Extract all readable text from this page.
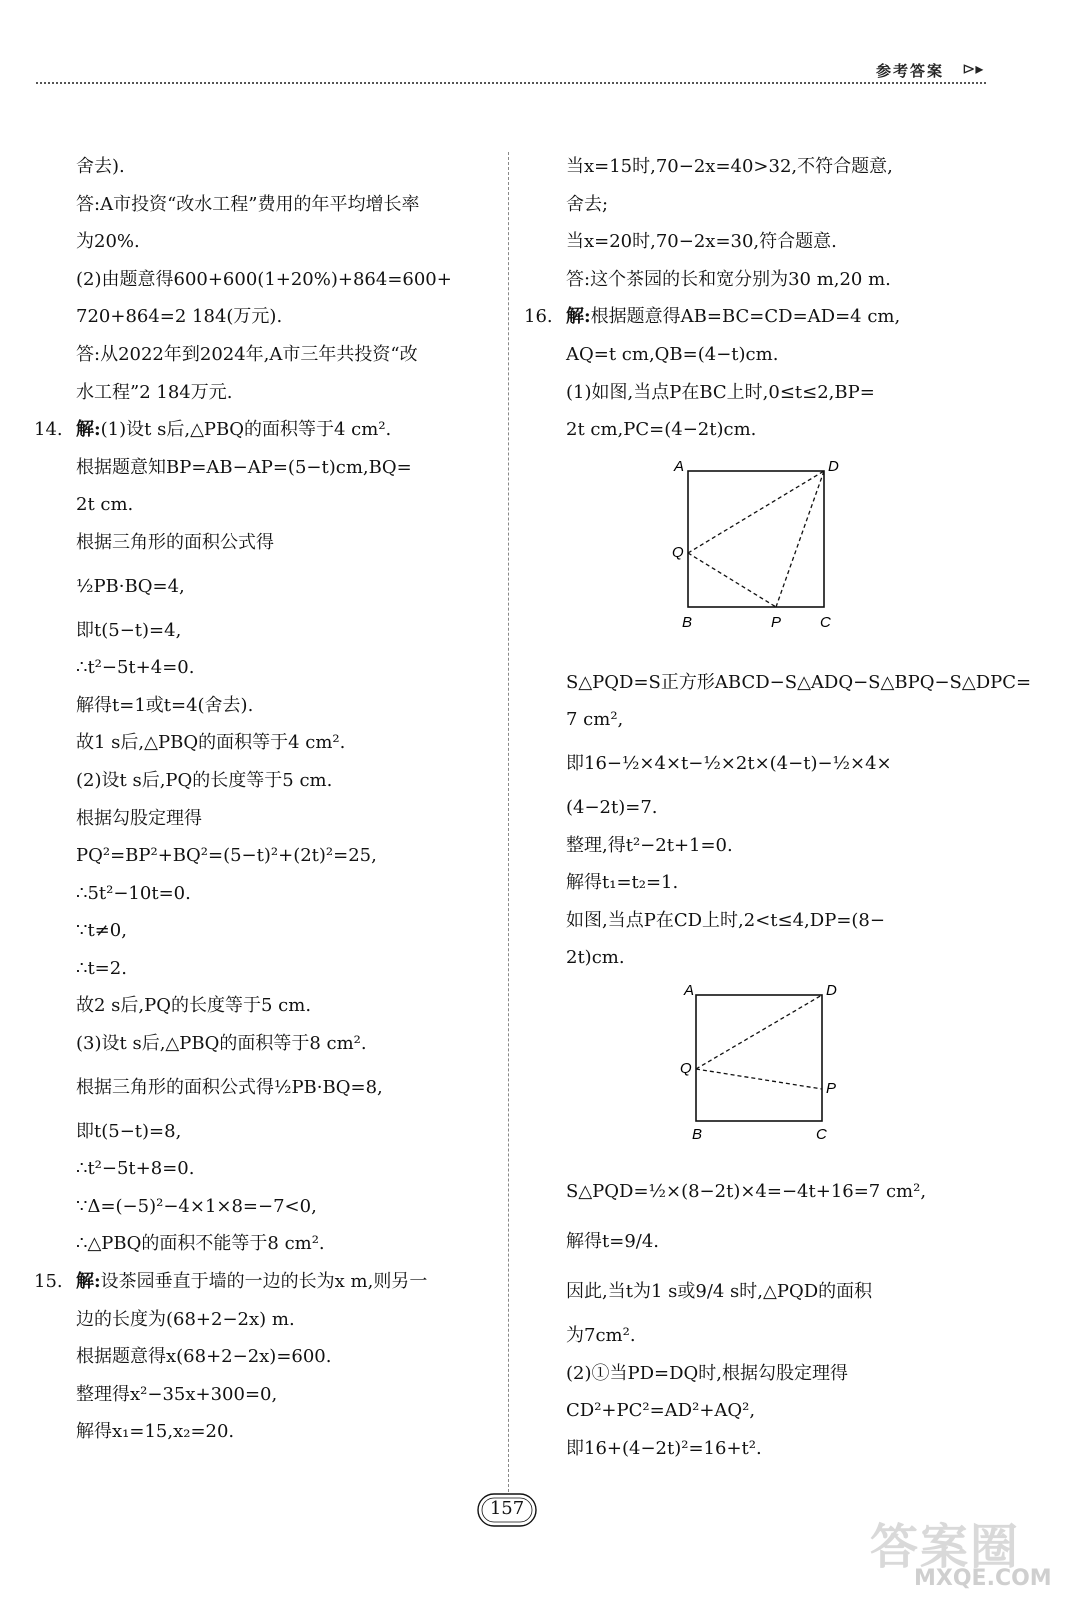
参考答案 ⊳▸
舍去).
答:A市投资“改水工程”费用的年平均增长率
为20%.
(2)由题意得600+600(1+20%)+864=600+
720+864=2 184(万元).
答:从2022年到2024年,A市三年共投资“改
水工程”2 184万元.
14. 解:(1)设t s后,△PBQ的面积等于4 cm².
根据题意知BP=AB−AP=(5−t)cm,BQ=
2t cm.
根据三角形的面积公式得
½PB·BQ=4,
即t(5−t)=4,
∴t²−5t+4=0.
解得t=1或t=4(舍去).
故1 s后,△PBQ的面积等于4 cm².
(2)设t s后,PQ的长度等于5 cm.
根据勾股定理得
PQ²=BP²+BQ²=(5−t)²+(2t)²=25,
∴5t²−10t=0.
∵t≠0,
∴t=2.
故2 s后,PQ的长度等于5 cm.
(3)设t s后,△PBQ的面积等于8 cm².
根据三角形的面积公式得½PB·BQ=8,
即t(5−t)=8,
∴t²−5t+8=0.
∵Δ=(−5)²−4×1×8=−7<0,
∴△PBQ的面积不能等于8 cm².
15. 解:设茶园垂直于墙的一边的长为x m,则另一
边的长度为(68+2−2x) m.
根据题意得x(68+2−2x)=600.
整理得x²−35x+300=0,
解得x₁=15,x₂=20.
当x=15时,70−2x=40>32,不符合题意,
舍去;
当x=20时,70−2x=30,符合题意.
答:这个茶园的长和宽分别为30 m,20 m.
16. 解:根据题意得AB=BC=CD=AD=4 cm,
AQ=t cm,QB=(4−t)cm.
(1)如图,当点P在BC上时,0≤t≤2,BP=
2t cm,PC=(4−2t)cm.
A	D
Q
B	P	C
S△PQD=S正方形ABCD−S△ADQ−S△BPQ−S△DPC=
7 cm²,
即16−½×4×t−½×2t×(4−t)−½×4×
(4−2t)=7.
整理,得t²−2t+1=0.
解得t₁=t₂=1.
如图,当点P在CD上时,2<t≤4,DP=(8−
2t)cm.
A	D
Q
P
B	C
S△PQD=½×(8−2t)×4=−4t+16=7 cm²,
解得t=9/4.
因此,当t为1 s或9/4 s时,△PQD的面积
为7cm².
(2)①当PD=DQ时,根据勾股定理得
CD²+PC²=AD²+AQ²,
即16+(4−2t)²=16+t².
157
答案圈
MXQE.COM
